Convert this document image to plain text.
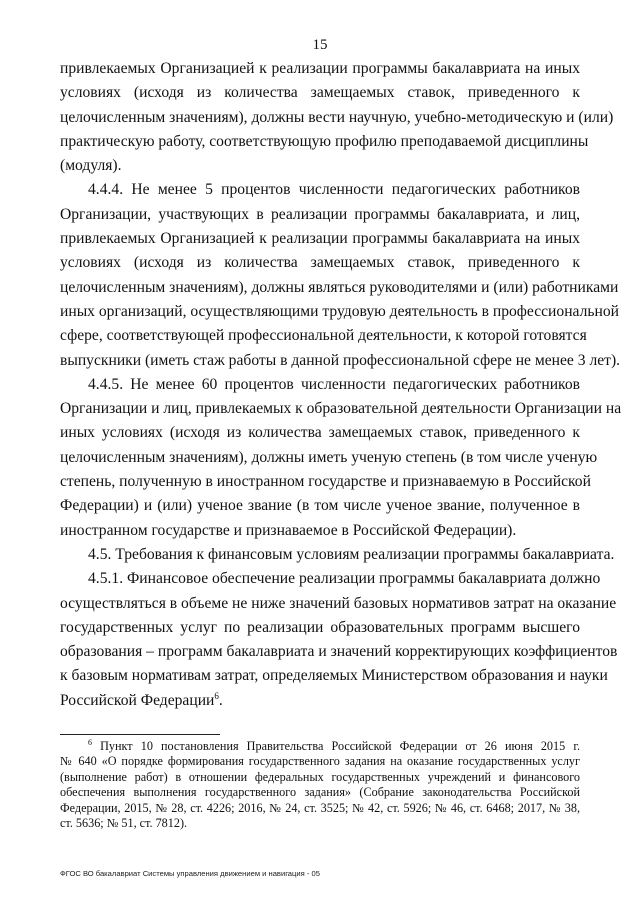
15
привлекаемых Организацией к реализации программы бакалавриата на иных
условиях (исходя из количества замещаемых ставок, приведенного к
целочисленным значениям), должны вести научную, учебно-методическую и (или)
практическую работу, соответствующую профилю преподаваемой дисциплины
(модуля).
4.4.4. Не менее 5 процентов численности педагогических работников
Организации, участвующих в реализации программы бакалавриата, и лиц,
привлекаемых Организацией к реализации программы бакалавриата на иных
условиях (исходя из количества замещаемых ставок, приведенного к
целочисленным значениям), должны являться руководителями и (или) работниками
иных организаций, осуществляющими трудовую деятельность в профессиональной
сфере, соответствующей профессиональной деятельности, к которой готовятся
выпускники (иметь стаж работы в данной профессиональной сфере не менее 3 лет).
4.4.5. Не менее 60 процентов численности педагогических работников
Организации и лиц, привлекаемых к образовательной деятельности Организации на
иных условиях (исходя из количества замещаемых ставок, приведенного к
целочисленным значениям), должны иметь ученую степень (в том числе ученую
степень, полученную в иностранном государстве и признаваемую в Российской
Федерации) и (или) ученое звание (в том числе ученое звание, полученное в
иностранном государстве и признаваемое в Российской Федерации).
4.5. Требования к финансовым условиям реализации программы бакалавриата.
4.5.1. Финансовое обеспечение реализации программы бакалавриата должно
осуществляться в объеме не ниже значений базовых нормативов затрат на оказание
государственных услуг по реализации образовательных программ высшего
образования – программ бакалавриата и значений корректирующих коэффициентов
к базовым нормативам затрат, определяемых Министерством образования и науки
Российской Федерации$^6$.
$^6$ Пункт 10 постановления Правительства Российской Федерации от 26 июня 2015 г.
№ 640 «О порядке формирования государственного задания на оказание государственных услуг
(выполнение работ) в отношении федеральных государственных учреждений и финансового
обеспечения выполнения государственного задания» (Собрание законодательства Российской
Федерации, 2015, № 28, ст. 4226; 2016, № 24, ст. 3525; № 42, ст. 5926; № 46, ст. 6468; 2017, № 38,
ст. 5636; № 51, ст. 7812).
ФГОС ВО бакалавриат Системы управления движением и навигация - 05
